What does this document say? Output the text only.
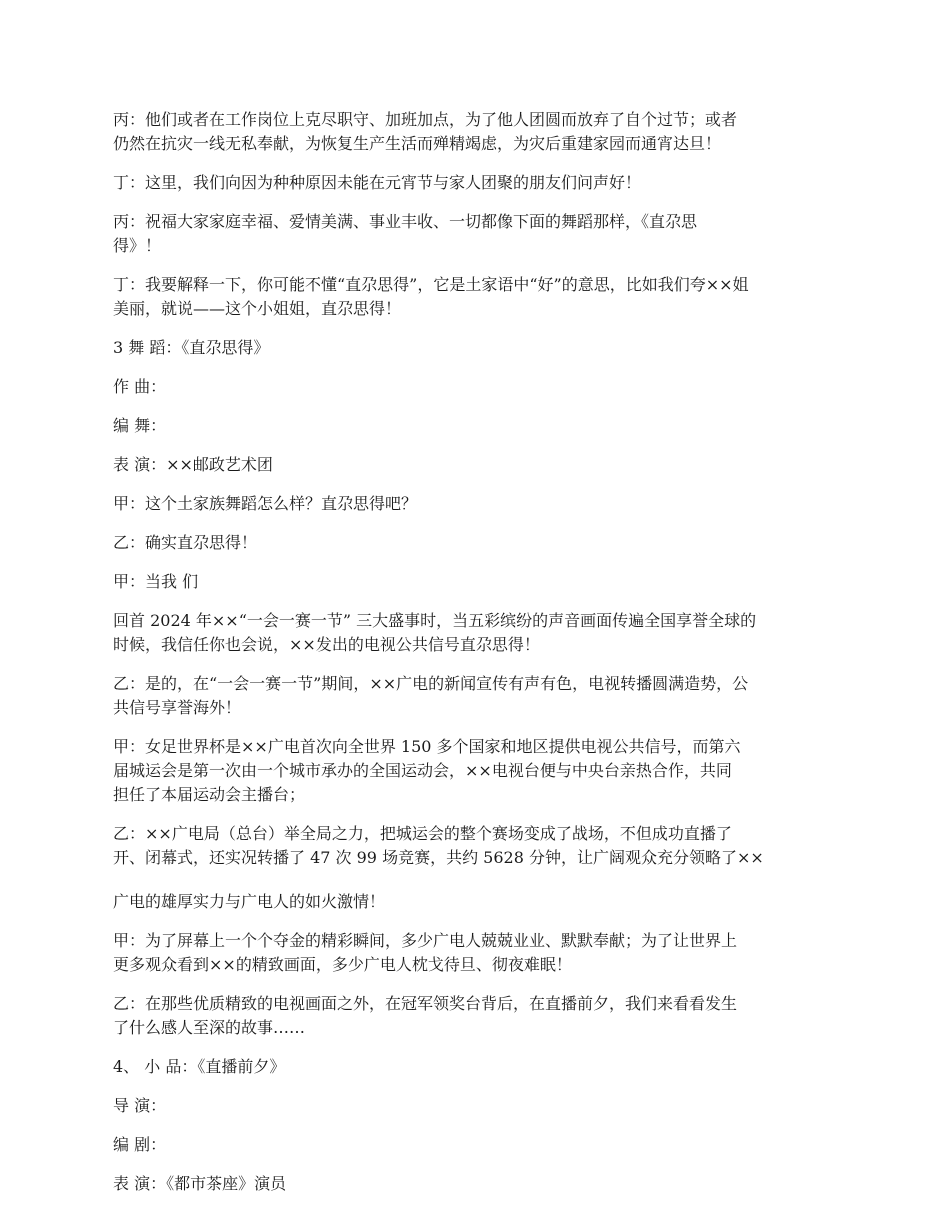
丙：他们或者在工作岗位上克尽职守、加班加点，为了他人团圆而放弃了自个过节；或者
仍然在抗灾一线无私奉献，为恢复生产生活而殚精竭虑，为灾后重建家园而通宵达旦！

丁：这里，我们向因为种种原因未能在元宵节与家人团聚的朋友们问声好！

丙：祝福大家家庭幸福、爱情美满、事业丰收、一切都像下面的舞蹈那样，《直尕思
得》！

丁：我要解释一下，你可能不懂“直尕思得”，它是土家语中“好”的意思，比如我们夸××姐
美丽，就说——这个小姐姐，直尕思得！

3 舞 蹈：《直尕思得》

作 曲：

编 舞：

表 演：××邮政艺术团

甲：这个土家族舞蹈怎么样？直尕思得吧？

乙：确实直尕思得！

甲：当我 们

回首 2024 年××“一会一赛一节” 三大盛事时，当五彩缤纷的声音画面传遍全国享誉全球的
时候，我信任你也会说，××发出的电视公共信号直尕思得！

乙：是的，在“一会一赛一节”期间，××广电的新闻宣传有声有色，电视转播圆满造势，公
共信号享誉海外！

甲：女足世界杯是××广电首次向全世界 150 多个国家和地区提供电视公共信号，而第六
届城运会是第一次由一个城市承办的全国运动会，××电视台便与中央台亲热合作，共同
担任了本届运动会主播台；

乙：××广电局（总台）举全局之力，把城运会的整个赛场变成了战场，不但成功直播了
开、闭幕式，还实况转播了 47 次 99 场竞赛，共约 5628 分钟，让广阔观众充分领略了××

广电的雄厚实力与广电人的如火激情！

甲：为了屏幕上一个个夺金的精彩瞬间，多少广电人兢兢业业、默默奉献；为了让世界上
更多观众看到××的精致画面，多少广电人枕戈待旦、彻夜难眠！

乙：在那些优质精致的电视画面之外，在冠军领奖台背后，在直播前夕，我们来看看发生
了什么感人至深的故事……

4、 小 品：《直播前夕》

导 演：

编 剧：

表 演：《都市茶座》演员
